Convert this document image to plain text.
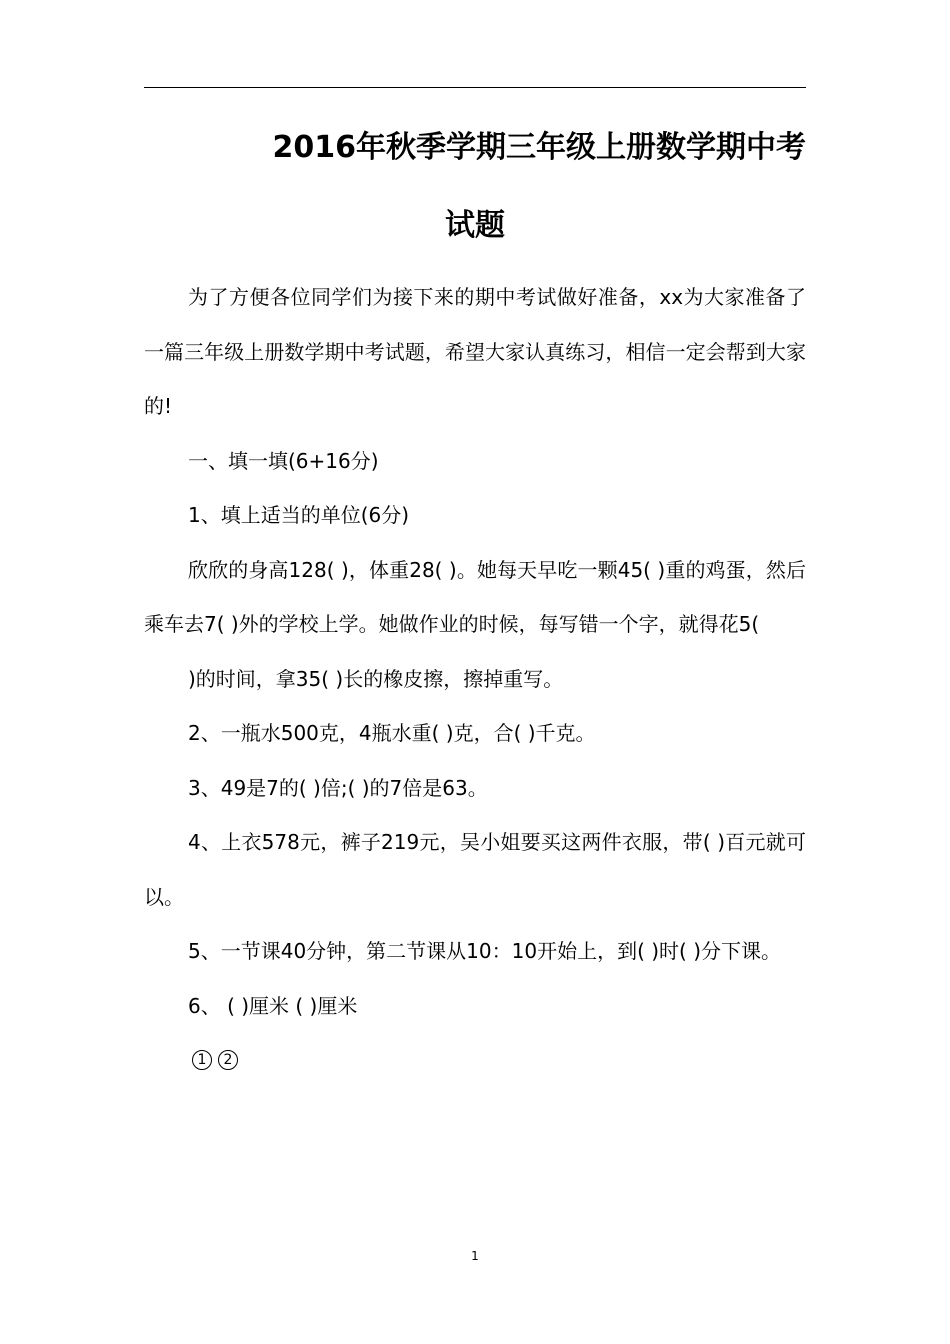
2016年秋季学期三年级上册数学期中考
试题

为了方便各位同学们为接下来的期中考试做好准备，xx为大家准备了一篇三年级上册数学期中考试题，希望大家认真练习，相信一定会帮到大家的!

一、填一填(6+16分)

1、填上适当的单位(6分)

欣欣的身高128( )，体重28( )。她每天早吃一颗45( )重的鸡蛋，然后乘车去7( )外的学校上学。她做作业的时候，每写错一个字，就得花5(

)的时间，拿35( )长的橡皮擦，擦掉重写。

2、一瓶水500克，4瓶水重( )克，合( )千克。

3、49是7的( )倍;( )的7倍是63。

4、上衣578元，裤子219元，吴小姐要买这两件衣服，带( )百元就可以。

5、一节课40分钟，第二节课从10：10开始上，到( )时( )分下课。

6、 ( )厘米 ( )厘米

1	2
1
